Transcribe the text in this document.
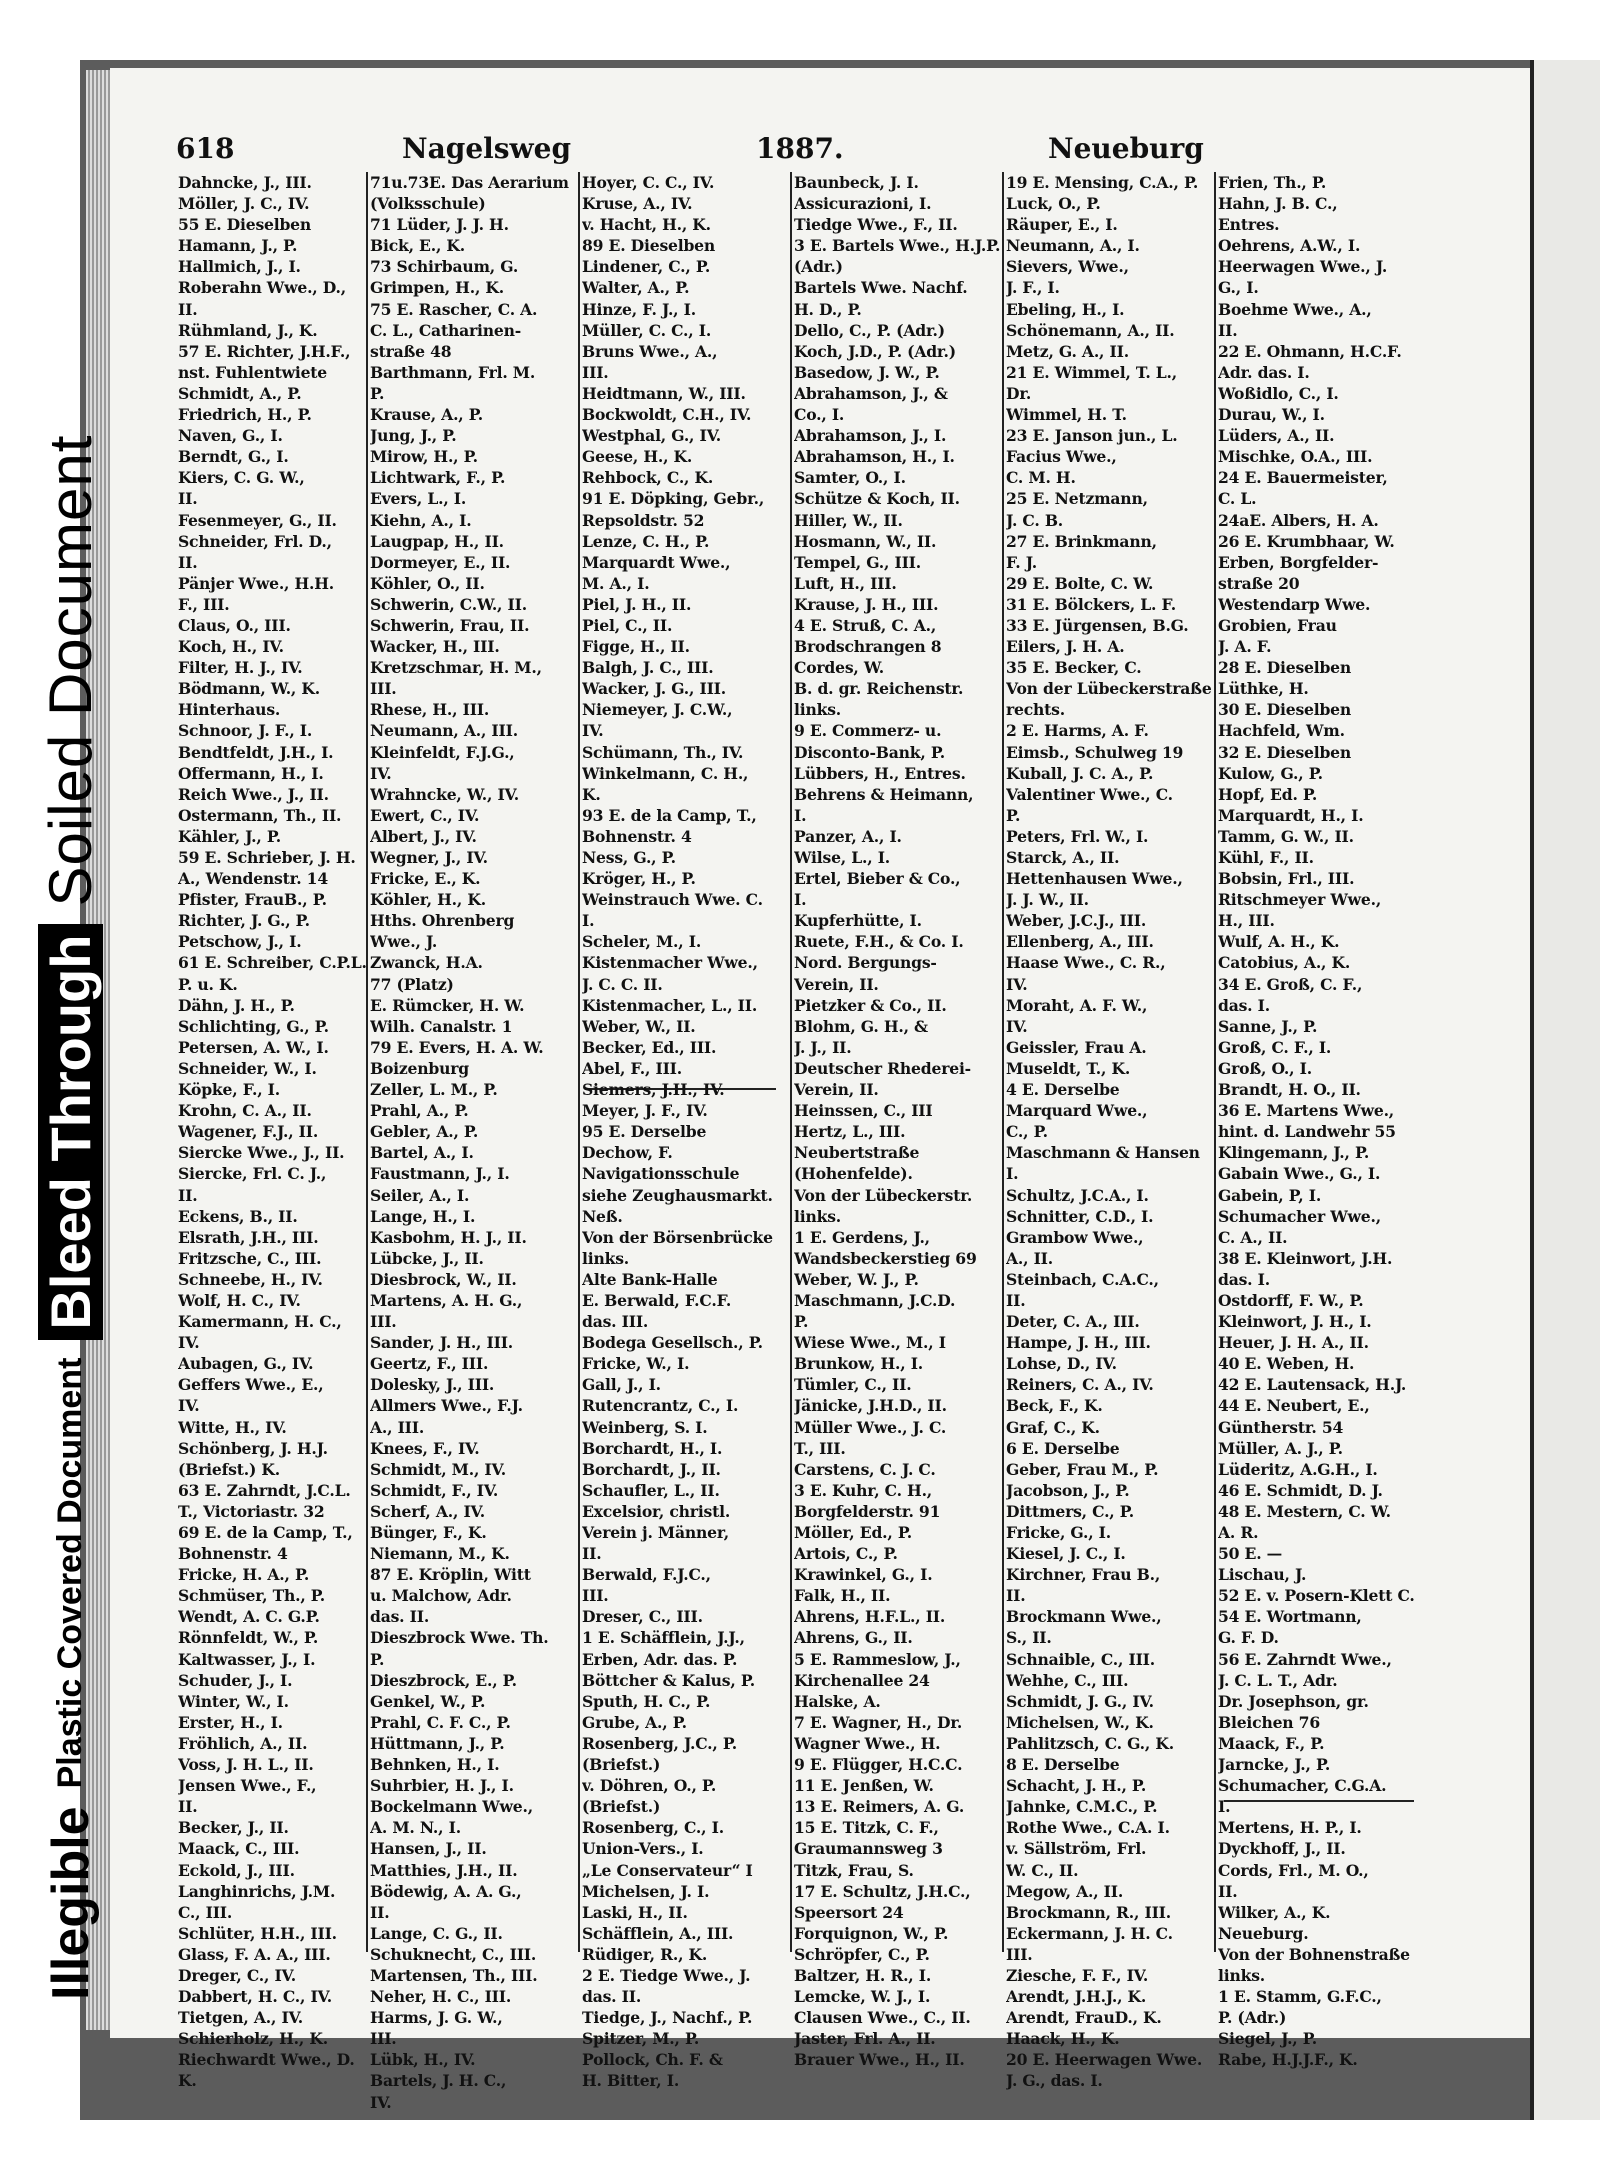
Illegible
Plastic Covered Document
Bleed Through
Soiled Document
618	Nagelsweg	1887.	Neueburg
Dahncke, J., III.
Möller, J. C., IV.
55 E. Dieselben
Hamann, J., P.
Hallmich, J., I.
Roberahn Wwe., D.,
II.
Rühmland, J., K.
57 E. Richter, J.H.F.,
nst. Fuhlentwiete
Schmidt, A., P.
Friedrich, H., P.
Naven, G., I.
Berndt, G., I.
Kiers, C. G. W.,
II.
Fesenmeyer, G., II.
Schneider, Frl. D.,
II.
Pänjer Wwe., H.H.
F., III.
Claus, O., III.
Koch, H., IV.
Filter, H. J., IV.
Bödmann, W., K.
Hinterhaus.
Schnoor, J. F., I.
Bendtfeldt, J.H., I.
Offermann, H., I.
Reich Wwe., J., II.
Ostermann, Th., II.
Kähler, J., P.
59 E. Schrieber, J. H.
A., Wendenstr. 14
Pfister, FrauB., P.
Richter, J. G., P.
Petschow, J., I.
61 E. Schreiber, C.P.L.
P. u. K.
Dähn, J. H., P.
Schlichting, G., P.
Petersen, A. W., I.
Schneider, W., I.
Köpke, F., I.
Krohn, C. A., II.
Wagener, F.J., II.
Siercke Wwe., J., II.
Siercke, Frl. C. J.,
II.
Eckens, B., II.
Elsrath, J.H., III.
Fritzsche, C., III.
Schneebe, H., IV.
Wolf, H. C., IV.
Kamermann, H. C.,
IV.
Aubagen, G., IV.
Geffers Wwe., E.,
IV.
Witte, H., IV.
Schönberg, J. H.J.
(Briefst.) K.
63 E. Zahrndt, J.C.L.
T., Victoriastr. 32
69 E. de la Camp, T.,
Bohnenstr. 4
Fricke, H. A., P.
Schmüser, Th., P.
Wendt, A. C. G.P.
Rönnfeldt, W., P.
Kaltwasser, J., I.
Schuder, J., I.
Winter, W., I.
Erster, H., I.
Fröhlich, A., II.
Voss, J. H. L., II.
Jensen Wwe., F.,
II.
Becker, J., II.
Maack, C., III.
Eckold, J., III.
Langhinrichs, J.M.
C., III.
Schlüter, H.H., III.
Glass, F. A. A., III.
Dreger, C., IV.
Dabbert, H. C., IV.
Tietgen, A., IV.
Schierholz, H., K.
Riechwardt Wwe., D.
K.
71u.73E. Das Aerarium
(Volksschule)
71 Lüder, J. J. H.
Bick, E., K.
73 Schirbaum, G.
Grimpen, H., K.
75 E. Rascher, C. A.
C. L., Catharinen-
straße 48
Barthmann, Frl. M.
P.
Krause, A., P.
Jung, J., P.
Mirow, H., P.
Lichtwark, F., P.
Evers, L., I.
Kiehn, A., I.
Laugpap, H., II.
Dormeyer, E., II.
Köhler, O., II.
Schwerin, C.W., II.
Schwerin, Frau, II.
Wacker, H., III.
Kretzschmar, H. M.,
III.
Rhese, H., III.
Neumann, A., III.
Kleinfeldt, F.J.G.,
IV.
Wrahncke, W., IV.
Ewert, C., IV.
Albert, J., IV.
Wegner, J., IV.
Fricke, E., K.
Köhler, H., K.
Hths. Ohrenberg
Wwe., J.
Zwanck, H.A.
77 (Platz)
E. Rümcker, H. W.
Wilh. Canalstr. 1
79 E. Evers, H. A. W.
Boizenburg
Zeller, L. M., P.
Prahl, A., P.
Gebler, A., P.
Bartel, A., I.
Faustmann, J., I.
Seiler, A., I.
Lange, H., I.
Kasbohm, H. J., II.
Lübcke, J., II.
Diesbrock, W., II.
Martens, A. H. G.,
III.
Sander, J. H., III.
Geertz, F., III.
Dolesky, J., III.
Allmers Wwe., F.J.
A., III.
Knees, F., IV.
Schmidt, M., IV.
Schmidt, F., IV.
Scherf, A., IV.
Bünger, F., K.
Niemann, M., K.
87 E. Kröplin, Witt
u. Malchow, Adr.
das. II.
Dieszbrock Wwe. Th.
P.
Dieszbrock, E., P.
Genkel, W., P.
Prahl, C. F. C., P.
Hüttmann, J., P.
Behnken, H., I.
Suhrbier, H. J., I.
Bockelmann Wwe.,
A. M. N., I.
Hansen, J., II.
Matthies, J.H., II.
Bödewig, A. A. G.,
II.
Lange, C. G., II.
Schuknecht, C., III.
Martensen, Th., III.
Neher, H. C., III.
Harms, J. G. W.,
III.
Lübk, H., IV.
Bartels, J. H. C.,
IV.
Hoyer, C. C., IV.
Kruse, A., IV.
v. Hacht, H., K.
89 E. Dieselben
Lindener, C., P.
Walter, A., P.
Hinze, F. J., I.
Müller, C. C., I.
Bruns Wwe., A.,
III.
Heidtmann, W., III.
Bockwoldt, C.H., IV.
Westphal, G., IV.
Geese, H., K.
Rehbock, C., K.
91 E. Döpking, Gebr.,
Repsoldstr. 52
Lenze, C. H., P.
Marquardt Wwe.,
M. A., I.
Piel, J. H., II.
Piel, C., II.
Figge, H., II.
Balgh, J. C., III.
Wacker, J. G., III.
Niemeyer, J. C.W.,
IV.
Schümann, Th., IV.
Winkelmann, C. H.,
K.
93 E. de la Camp, T.,
Bohnenstr. 4
Ness, G., P.
Kröger, H., P.
Weinstrauch Wwe. C.
I.
Scheler, M., I.
Kistenmacher Wwe.,
J. C. C. II.
Kistenmacher, L., II.
Weber, W., II.
Becker, Ed., III.
Abel, F., III.
Siemers, J.H., IV.
Meyer, J. F., IV.
95 E. Derselbe
Dechow, F.
Navigationsschule
siehe Zeughausmarkt.
Neß.
Von der Börsenbrücke
links.
Alte Bank-Halle
E. Berwald, F.C.F.
das. III.
Bodega Gesellsch., P.
Fricke, W., I.
Gall, J., I.
Rutencrantz, C., I.
Weinberg, S. I.
Borchardt, H., I.
Borchardt, J., II.
Schaufler, L., II.
Excelsior, christl.
Verein j. Männer,
II.
Berwald, F.J.C.,
III.
Dreser, C., III.
1 E. Schäfflein, J.J.,
Erben, Adr. das. P.
Böttcher & Kalus, P.
Sputh, H. C., P.
Grube, A., P.
Rosenberg, J.C., P.
(Briefst.)
v. Döhren, O., P.
(Briefst.)
Rosenberg, C., I.
Union-Vers., I.
„Le Conservateur“ I
Michelsen, J. I.
Laski, H., II.
Schäfflein, A., III.
Rüdiger, R., K.
2 E. Tiedge Wwe., J.
das. II.
Tiedge, J., Nachf., P.
Spitzer, M., P.
Pollock, Ch. F. &
H. Bitter, I.
Baunbeck, J. I.
Assicurazioni, I.
Tiedge Wwe., F., II.
3 E. Bartels Wwe., H.J.P.
(Adr.)
Bartels Wwe. Nachf.
H. D., P.
Dello, C., P. (Adr.)
Koch, J.D., P. (Adr.)
Basedow, J. W., P.
Abrahamson, J., &
Co., I.
Abrahamson, J., I.
Abrahamson, H., I.
Samter, O., I.
Schütze & Koch, II.
Hiller, W., II.
Hosmann, W., II.
Tempel, G., III.
Luft, H., III.
Krause, J. H., III.
4 E. Struß, C. A.,
Brodschrangen 8
Cordes, W.
B. d. gr. Reichenstr.
links.
9 E. Commerz- u.
Disconto-Bank, P.
Lübbers, H., Entres.
Behrens & Heimann,
I.
Panzer, A., I.
Wilse, L., I.
Ertel, Bieber & Co.,
I.
Kupferhütte, I.
Ruete, F.H., & Co. I.
Nord. Bergungs-
Verein, II.
Pietzker & Co., II.
Blohm, G. H., &
J. J., II.
Deutscher Rhederei-
Verein, II.
Heinssen, C., III
Hertz, L., III.
Neubertstraße
(Hohenfelde).
Von der Lübeckerstr.
links.
1 E. Gerdens, J.,
Wandsbeckerstieg 69
Weber, W. J., P.
Maschmann, J.C.D.
P.
Wiese Wwe., M., I
Brunkow, H., I.
Tümler, C., II.
Jänicke, J.H.D., II.
Müller Wwe., J. C.
T., III.
Carstens, C. J. C.
3 E. Kuhr, C. H.,
Borgfelderstr. 91
Möller, Ed., P.
Artois, C., P.
Krawinkel, G., I.
Falk, H., II.
Ahrens, H.F.L., II.
Ahrens, G., II.
5 E. Rammeslow, J.,
Kirchenallee 24
Halske, A.
7 E. Wagner, H., Dr.
Wagner Wwe., H.
9 E. Flügger, H.C.C.
11 E. Jenßen, W.
13 E. Reimers, A. G.
15 E. Titzk, C. F.,
Graumannsweg 3
Titzk, Frau, S.
17 E. Schultz, J.H.C.,
Speersort 24
Forquignon, W., P.
Schröpfer, C., P.
Baltzer, H. R., I.
Lemcke, W. J., I.
Clausen Wwe., C., II.
Jaster, Frl. A., II.
Brauer Wwe., H., II.
19 E. Mensing, C.A., P.
Luck, O., P.
Räuper, E., I.
Neumann, A., I.
Sievers, Wwe.,
J. F., I.
Ebeling, H., I.
Schönemann, A., II.
Metz, G. A., II.
21 E. Wimmel, T. L.,
Dr.
Wimmel, H. T.
23 E. Janson jun., L.
Facius Wwe.,
C. M. H.
25 E. Netzmann,
J. C. B.
27 E. Brinkmann,
F. J.
29 E. Bolte, C. W.
31 E. Bölckers, L. F.
33 E. Jürgensen, B.G.
Eilers, J. H. A.
35 E. Becker, C.
Von der Lübeckerstraße
rechts.
2 E. Harms, A. F.
Eimsb., Schulweg 19
Kuball, J. C. A., P.
Valentiner Wwe., C.
P.
Peters, Frl. W., I.
Starck, A., II.
Hettenhausen Wwe.,
J. J. W., II.
Weber, J.C.J., III.
Ellenberg, A., III.
Haase Wwe., C. R.,
IV.
Moraht, A. F. W.,
IV.
Geissler, Frau A.
Museldt, T., K.
4 E. Derselbe
Marquard Wwe.,
C., P.
Maschmann & Hansen
I.
Schultz, J.C.A., I.
Schnitter, C.D., I.
Grambow Wwe.,
A., II.
Steinbach, C.A.C.,
II.
Deter, C. A., III.
Hampe, J. H., III.
Lohse, D., IV.
Reiners, C. A., IV.
Beck, F., K.
Graf, C., K.
6 E. Derselbe
Geber, Frau M., P.
Jacobson, J., P.
Dittmers, C., P.
Fricke, G., I.
Kiesel, J. C., I.
Kirchner, Frau B.,
II.
Brockmann Wwe.,
S., II.
Schnaible, C., III.
Wehhe, C., III.
Schmidt, J. G., IV.
Michelsen, W., K.
Pahlitzsch, C. G., K.
8 E. Derselbe
Schacht, J. H., P.
Jahnke, C.M.C., P.
Rothe Wwe., C.A. I.
v. Sällström, Frl.
W. C., II.
Megow, A., II.
Brockmann, R., III.
Eckermann, J. H. C.
III.
Ziesche, F. F., IV.
Arendt, J.H.J., K.
Arendt, FrauD., K.
Haack, H., K.
20 E. Heerwagen Wwe.
J. G., das. I.
Frien, Th., P.
Hahn, J. B. C.,
Entres.
Oehrens, A.W., I.
Heerwagen Wwe., J.
G., I.
Boehme Wwe., A.,
II.
22 E. Ohmann, H.C.F.
Adr. das. I.
Woßidlo, C., I.
Durau, W., I.
Lüders, A., II.
Mischke, O.A., III.
24 E. Bauermeister,
C. L.
24aE. Albers, H. A.
26 E. Krumbhaar, W.
Erben, Borgfelder-
straße 20
Westendarp Wwe.
Grobien, Frau
J. A. F.
28 E. Dieselben
Lüthke, H.
30 E. Dieselben
Hachfeld, Wm.
32 E. Dieselben
Kulow, G., P.
Hopf, Ed. P.
Marquardt, H., I.
Tamm, G. W., II.
Kühl, F., II.
Bobsin, Frl., III.
Ritschmeyer Wwe.,
H., III.
Wulf, A. H., K.
Catobius, A., K.
34 E. Groß, C. F.,
das. I.
Sanne, J., P.
Groß, C. F., I.
Groß, O., I.
Brandt, H. O., II.
36 E. Martens Wwe.,
hint. d. Landwehr 55
Klingemann, J., P.
Gabain Wwe., G., I.
Gabein, P, I.
Schumacher Wwe.,
C. A., II.
38 E. Kleinwort, J.H.
das. I.
Ostdorff, F. W., P.
Kleinwort, J. H., I.
Heuer, J. H. A., II.
40 E. Weben, H.
42 E. Lautensack, H.J.
44 E. Neubert, E.,
Güntherstr. 54
Müller, A. J., P.
Lüderitz, A.G.H., I.
46 E. Schmidt, D. J.
48 E. Mestern, C. W.
A. R.
50 E. —
Lischau, J.
52 E. v. Posern-Klett C.
54 E. Wortmann,
G. F. D.
56 E. Zahrndt Wwe.,
J. C. L. T., Adr.
Dr. Josephson, gr.
Bleichen 76
Maack, F., P.
Jarncke, J., P.
Schumacher, C.G.A.
I.
Mertens, H. P., I.
Dyckhoff, J., II.
Cords, Frl., M. O.,
II.
Wilker, A., K.
Neueburg.
Von der Bohnenstraße
links.
1 E. Stamm, G.F.C.,
P. (Adr.)
Siegel, J., P.
Rabe, H.J.J.F., K.
